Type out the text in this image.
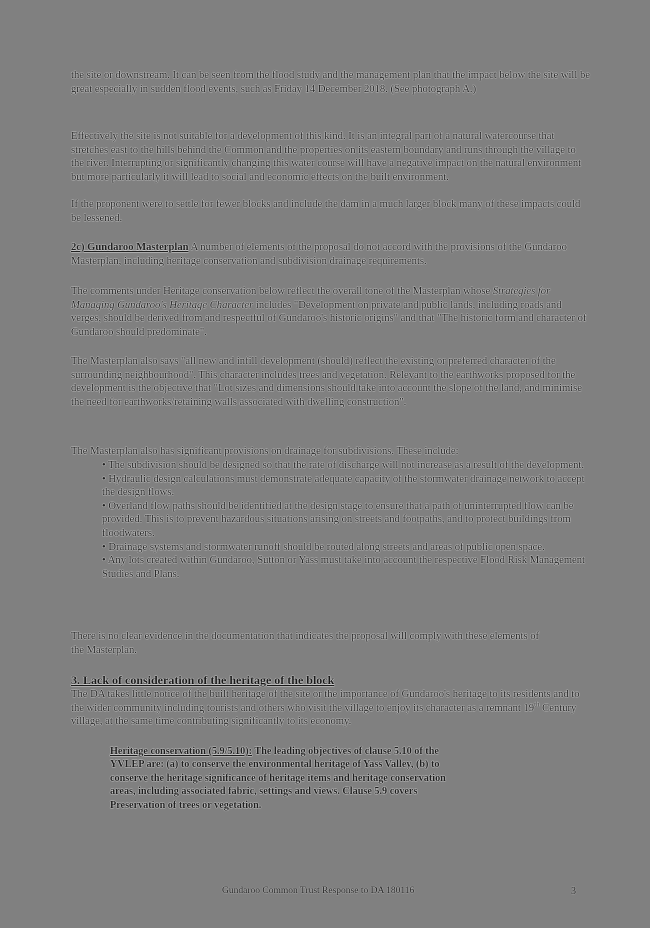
the site or downstream. It can be seen from the flood study and the management plan that the impact below the site will be great especially in sudden flood events, such as Friday 14 December 2018. (See photograph A.)
Effectively the site is not suitable for a development of this kind. It is an integral part of a natural watercourse that stretches east to the hills behind the Common and the properties on its eastern boundary and runs through the village to the river. Interrupting or significantly changing this water course will have a negative impact on the natural environment but more particularly it will lead to social and economic effects on the built environment.
If the proponent were to settle for fewer blocks and include the dam in a much larger block many of these impacts could be lessened.
2c) Gundaroo Masterplan A number of elements of the proposal do not accord with the provisions of the Gundaroo Masterplan, including heritage conservation and subdivision drainage requirements.
The comments under Heritage conservation below reflect the overall tone of the Masterplan whose Strategies for Managing Gundaroo's Heritage Character includes "Development on private and public lands, including roads and verges, should be derived from and respectful of Gundaroo's historic origins" and that "The historic form and character of Gundaroo should predominate".
The Masterplan also says "all new and infill development (should) reflect the existing or preferred character of the surrounding neighbourhood". This character includes trees and vegetation. Relevant to the earthworks proposed for the development is the objective that "Lot sizes and dimensions should take into account the slope of the land, and minimise the need for earthworks/retaining walls associated with dwelling construction".
The Masterplan also has significant provisions on drainage for subdivisions. These include:
• The subdivision should be designed so that the rate of discharge will not increase as a result of the development.
• Hydraulic design calculations must demonstrate adequate capacity of the stormwater drainage network to accept the design flows.
• Overland flow paths should be identified at the design stage to ensure that a path of uninterrupted flow can be provided. This is to prevent hazardous situations arising on streets and footpaths, and to protect buildings from floodwaters.
• Drainage systems and stormwater runoff should be routed along streets and areas of public open space.
• Any lots created within Gundaroo, Sutton or Yass must take into account the respective Flood Risk Management Studies and Plans.
There is no clear evidence in the documentation that indicates the proposal will comply with these elements of the Masterplan.
3. Lack of consideration of the heritage of the block
The DA takes little notice of the built heritage of the site or the importance of Gundaroo's heritage to its residents and to the wider community including tourists and others who visit the village to enjoy its character as a remnant 19th Century village, at the same time contributing significantly to its economy.
Heritage conservation (5.9/5.10): The leading objectives of clause 5.10 of the YVLEP are: (a) to conserve the environmental heritage of Yass Valley, (b) to conserve the heritage significance of heritage items and heritage conservation areas, including associated fabric, settings and views. Clause 5.9 covers Preservation of trees or vegetation.
Gundaroo Common Trust Response to DA 180116	3
